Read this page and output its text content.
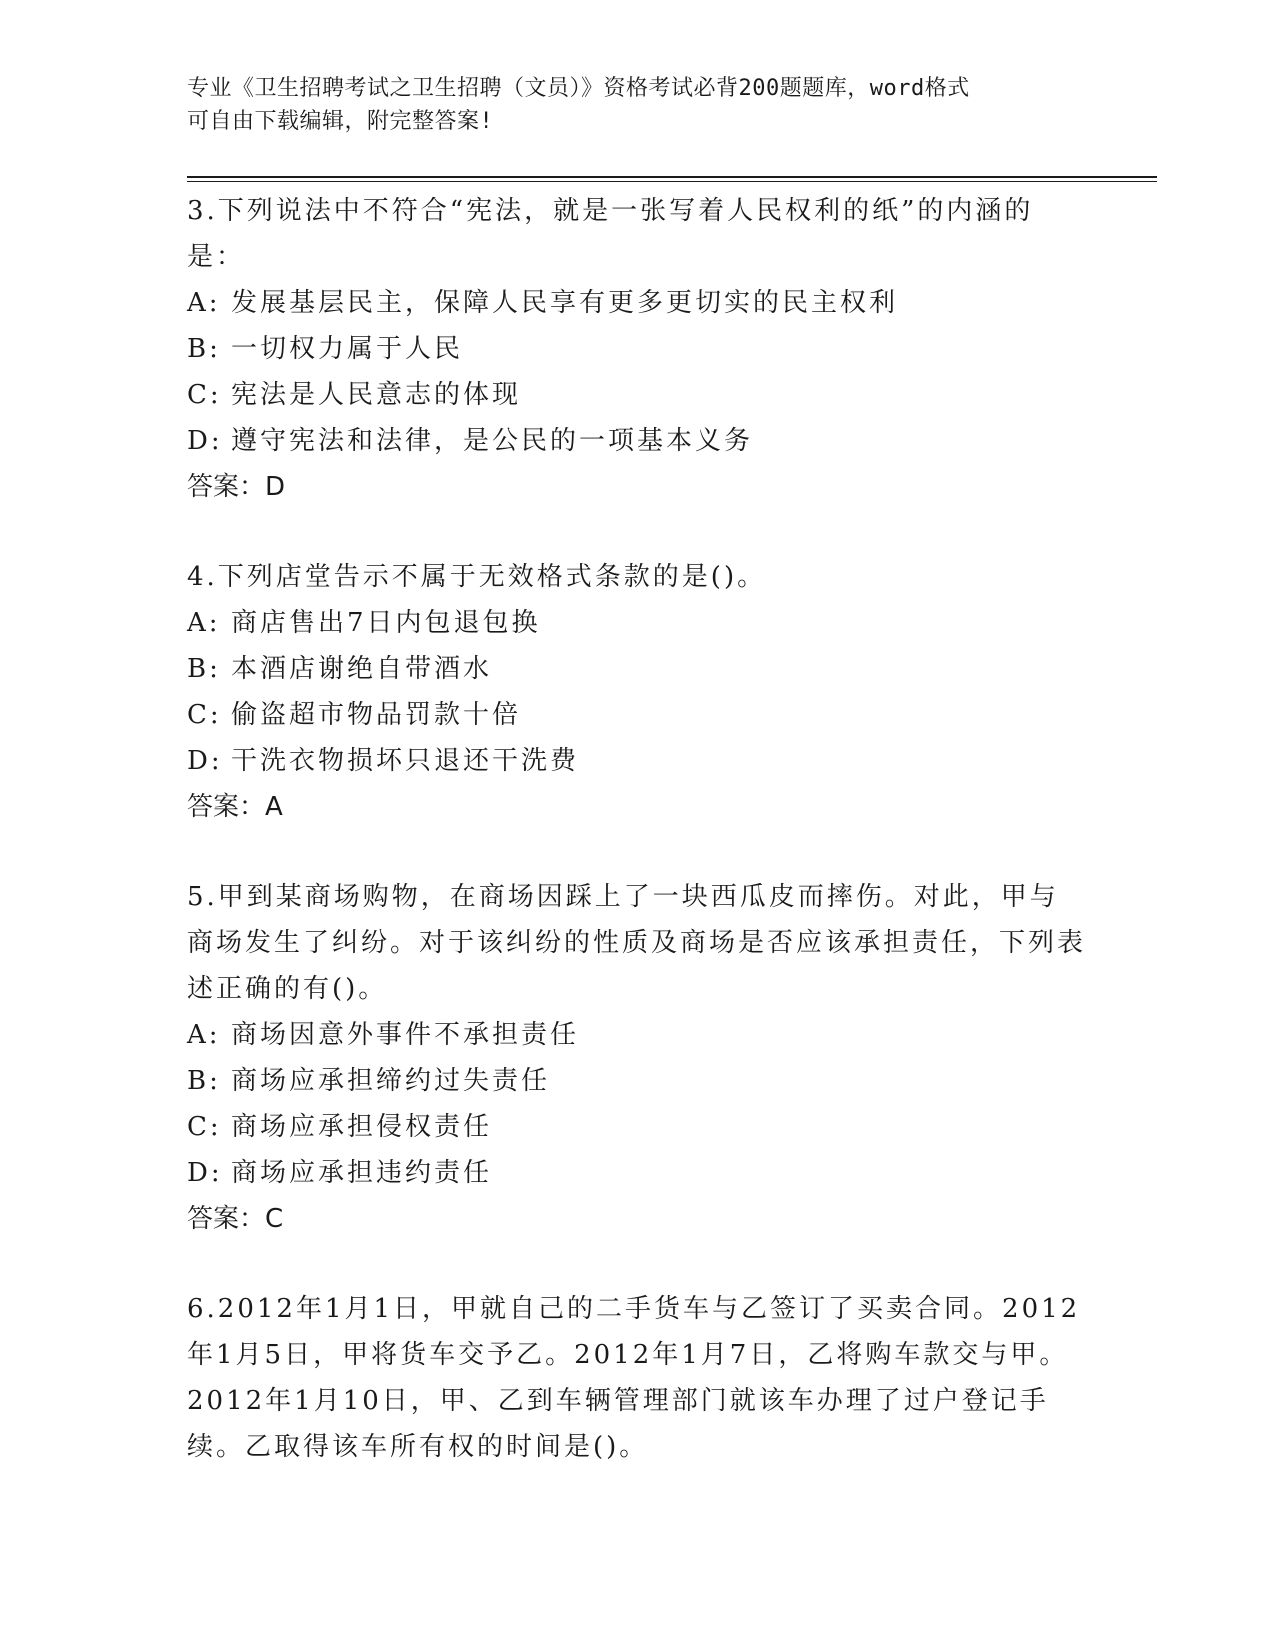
专业《卫生招聘考试之卫生招聘（文员）》资格考试必背200题题库，word格式
可自由下载编辑，附完整答案!

3.下列说法中不符合“宪法，就是一张写着人民权利的纸”的内涵的是：

A: 发展基层民主，保障人民享有更多更切实的民主权利

B: 一切权力属于人民

C: 宪法是人民意志的体现

D: 遵守宪法和法律，是公民的一项基本义务

答案：D

4.下列店堂告示不属于无效格式条款的是()。

A: 商店售出7日内包退包换

B: 本酒店谢绝自带酒水

C: 偷盗超市物品罚款十倍

D: 干洗衣物损坏只退还干洗费

答案：A

5.甲到某商场购物，在商场因踩上了一块西瓜皮而摔伤。对此，甲与商场发生了纠纷。对于该纠纷的性质及商场是否应该承担责任，下列表述正确的有()。

A: 商场因意外事件不承担责任

B: 商场应承担缔约过失责任

C: 商场应承担侵权责任

D: 商场应承担违约责任

答案：C

6.2012年1月1日，甲就自己的二手货车与乙签订了买卖合同。2012年1月5日，甲将货车交予乙。2012年1月7日，乙将购车款交与甲。2012年1月10日，甲、乙到车辆管理部门就该车办理了过户登记手续。乙取得该车所有权的时间是()。
